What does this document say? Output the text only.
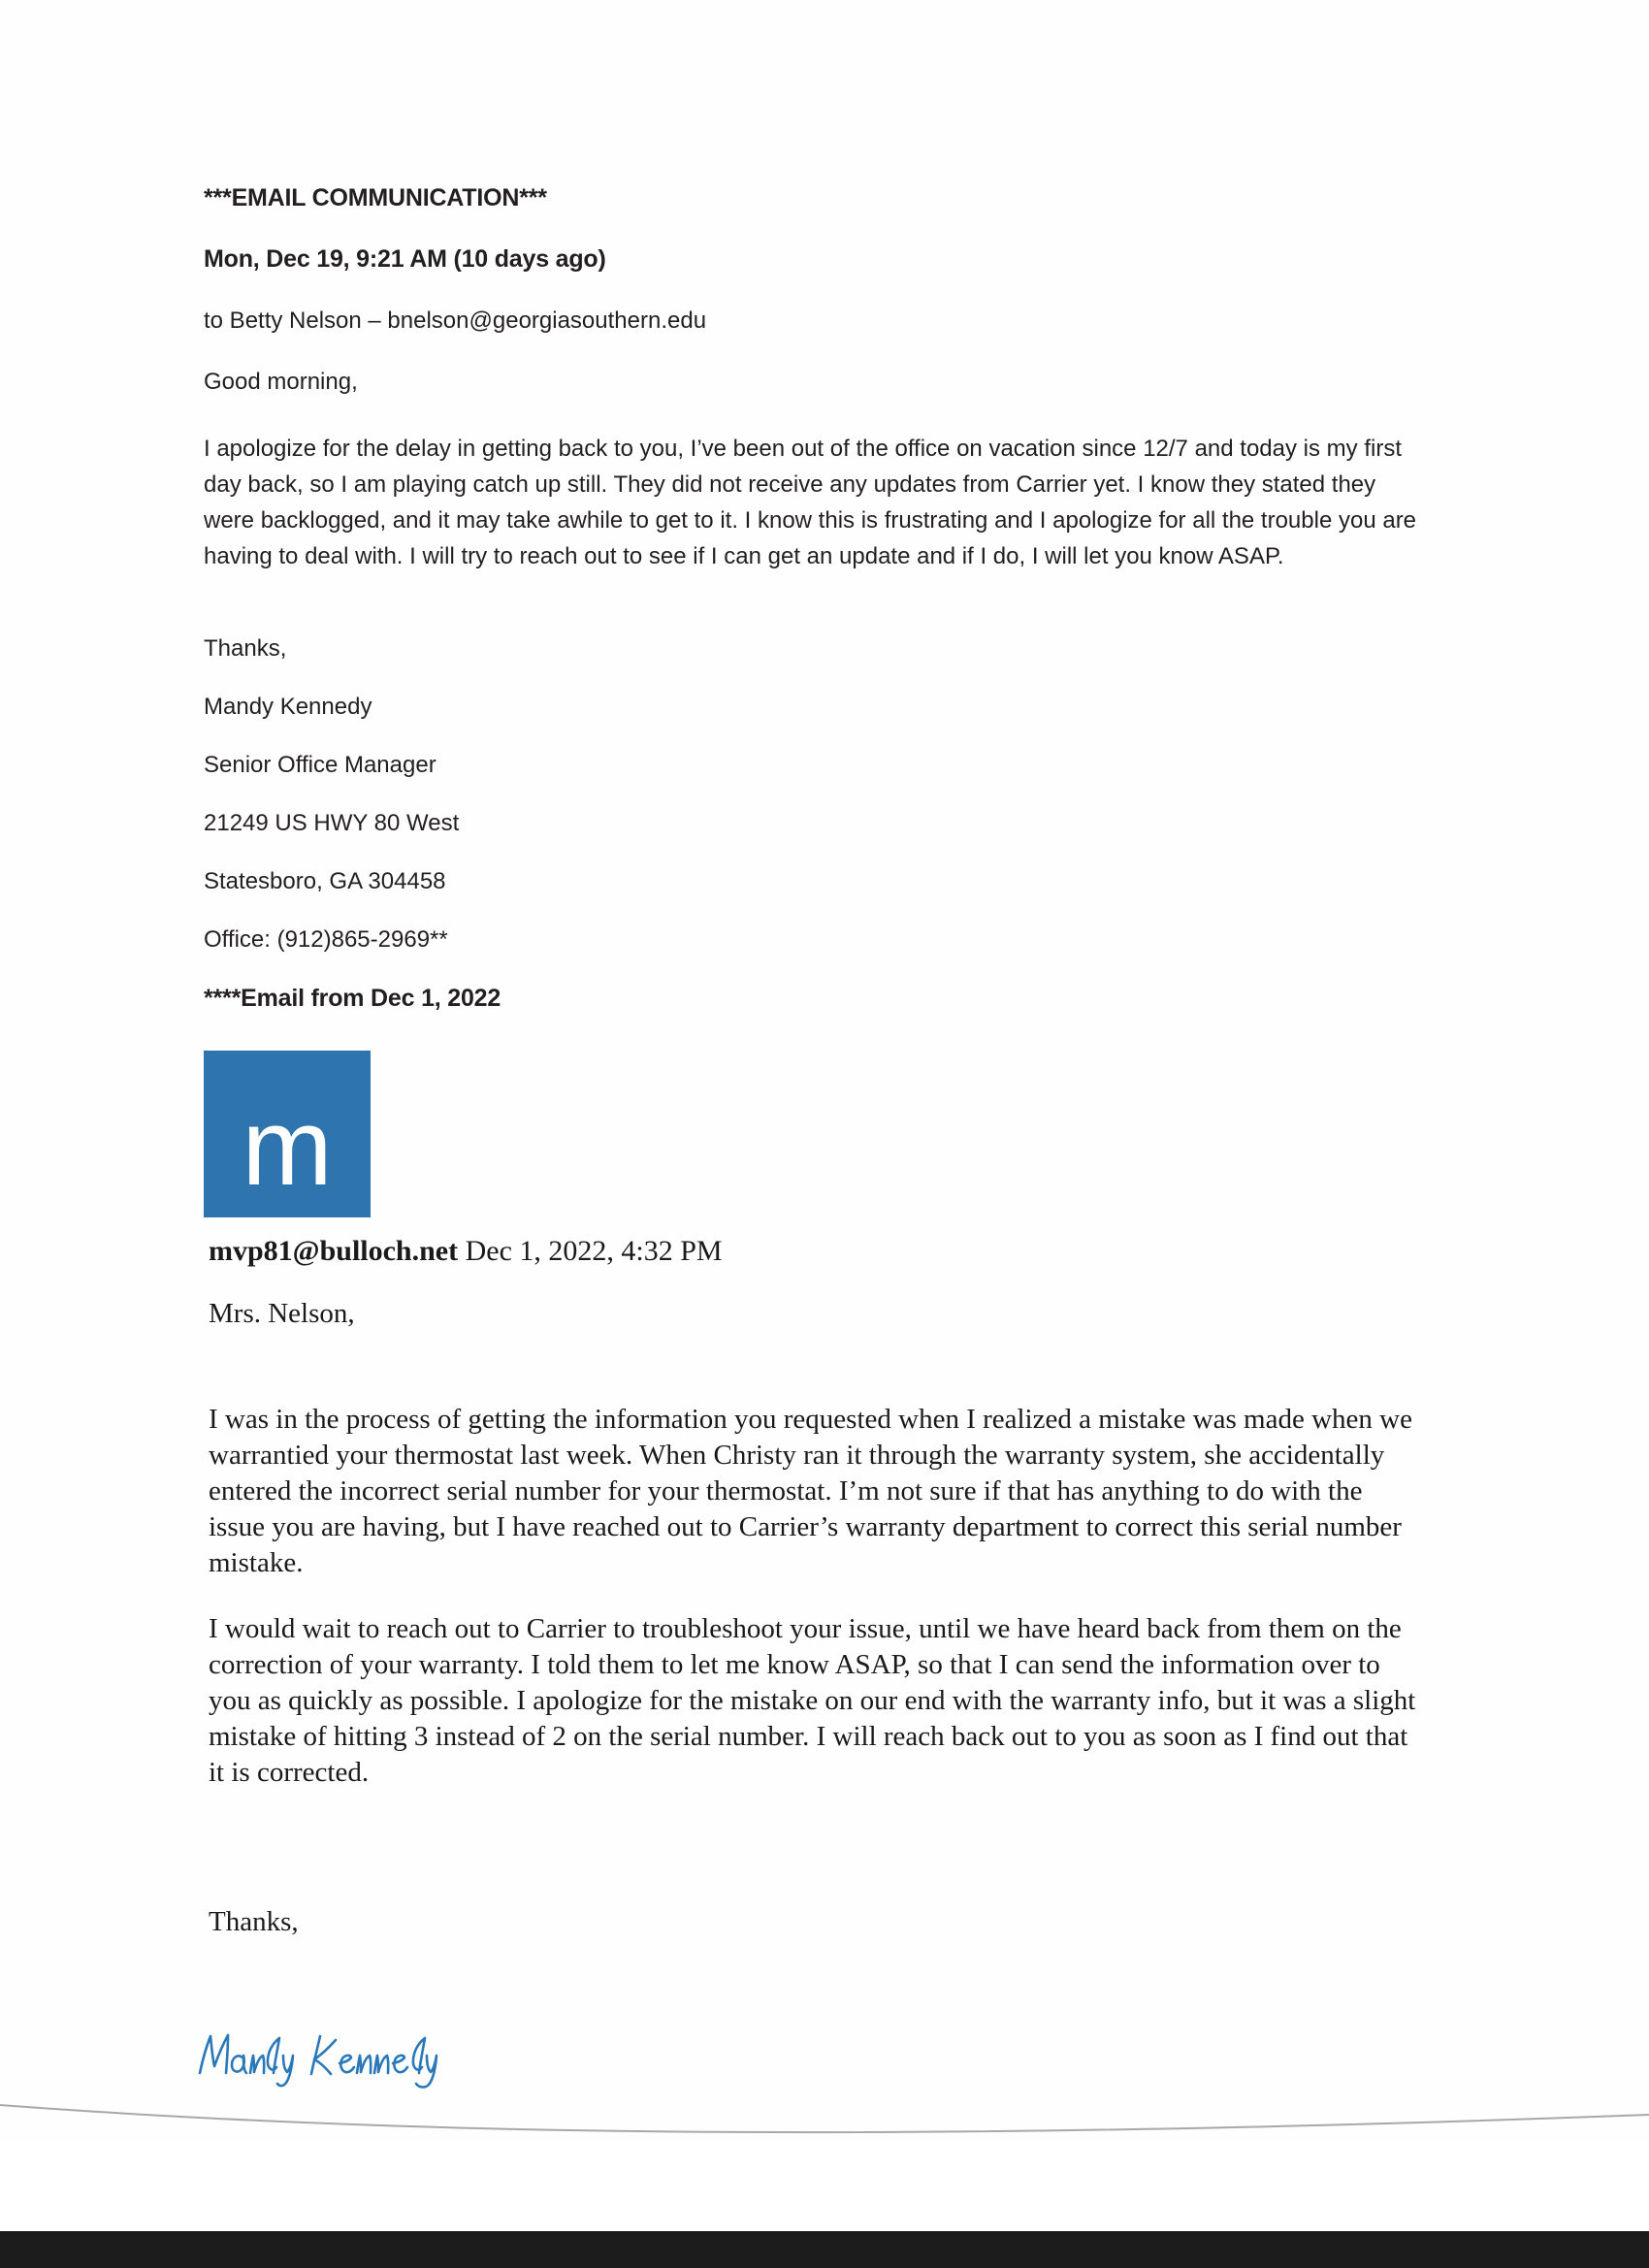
***EMAIL COMMUNICATION***
Mon, Dec 19, 9:21 AM (10 days ago)
to Betty Nelson – bnelson@georgiasouthern.edu
Good morning,
I apologize for the delay in getting back to you, I’ve been out of the office on vacation since 12/7 and today is my first day back, so I am playing catch up still. They did not receive any updates from Carrier yet. I know they stated they were backlogged, and it may take awhile to get to it. I know this is frustrating and I apologize for all the trouble you are having to deal with. I will try to reach out to see if I can get an update and if I do, I will let you know ASAP.
Thanks,
Mandy Kennedy
Senior Office Manager
21249 US HWY 80 West
Statesboro, GA 304458
Office: (912)865-2969**
****Email from Dec 1, 2022
m
mvp81@bulloch.net Dec 1, 2022, 4:32 PM
Mrs. Nelson,
I was in the process of getting the information you requested when I realized a mistake was made when we warrantied your thermostat last week. When Christy ran it through the warranty system, she accidentally entered the incorrect serial number for your thermostat. I’m not sure if that has anything to do with the issue you are having, but I have reached out to Carrier’s warranty department to correct this serial number mistake.
I would wait to reach out to Carrier to troubleshoot your issue, until we have heard back from them on the correction of your warranty. I told them to let me know ASAP, so that I can send the information over to you as quickly as possible. I apologize for the mistake on our end with the warranty info, but it was a slight mistake of hitting 3 instead of 2 on the serial number. I will reach back out to you as soon as I find out that it is corrected.
Thanks,
